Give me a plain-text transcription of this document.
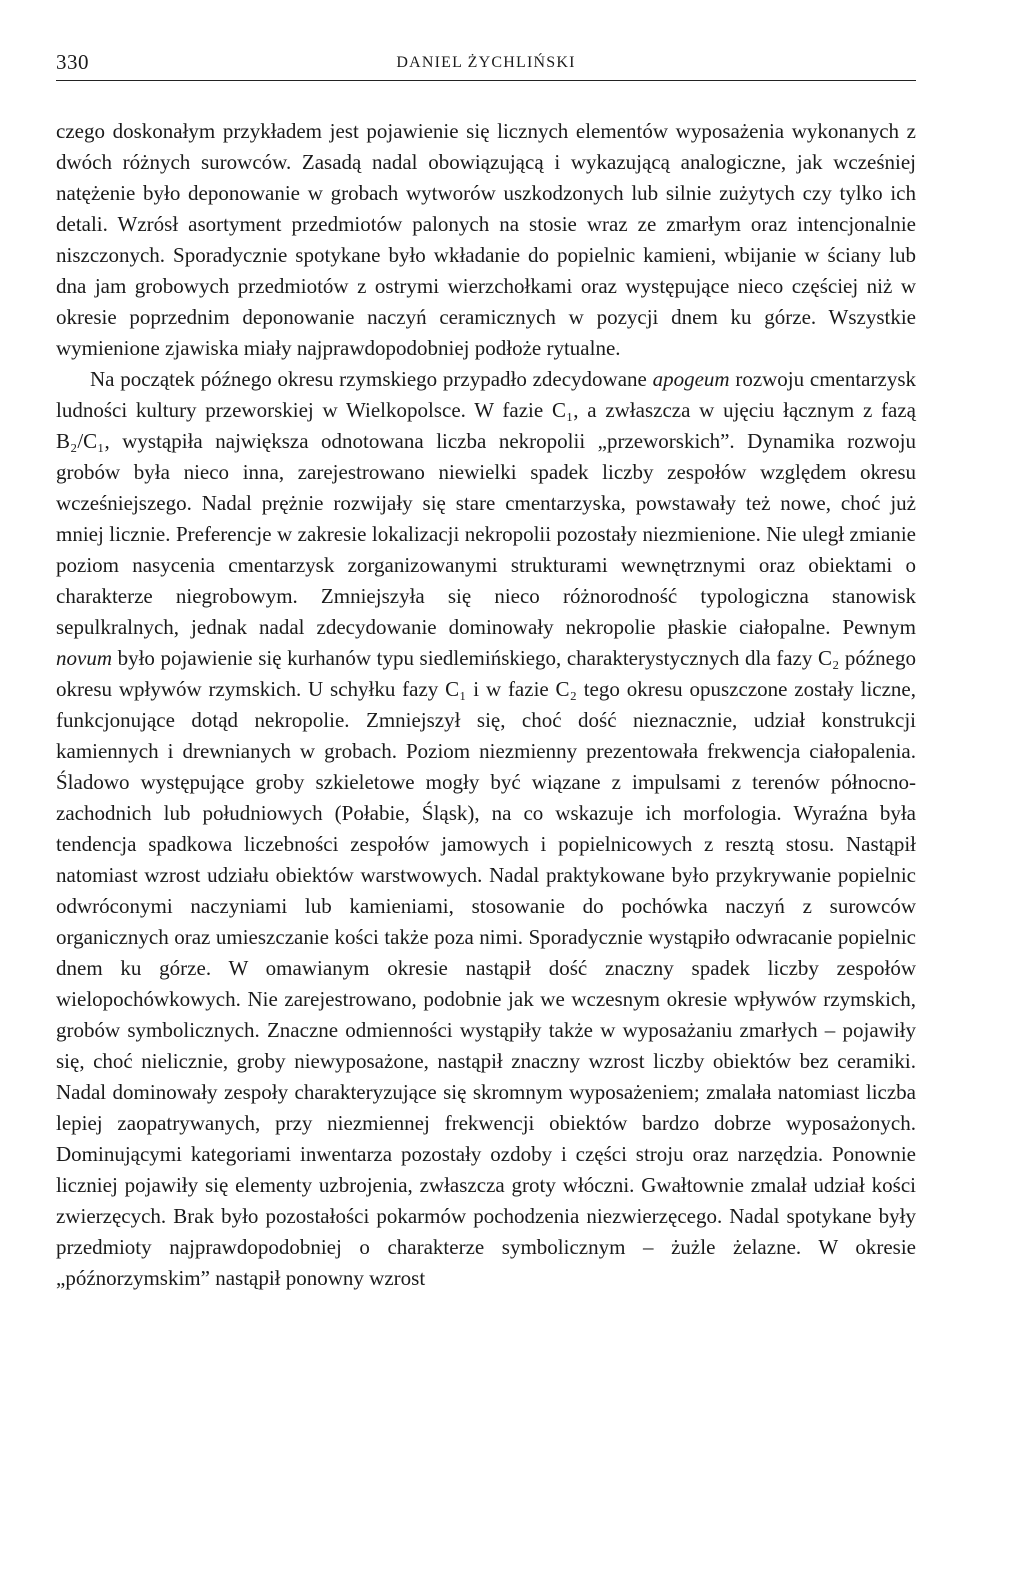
330	DANIEL ŻYCHLIŃSKI

czego doskonałym przykładem jest pojawienie się licznych elementów wyposażenia wykonanych z dwóch różnych surowców. Zasadą nadal obowiązującą i wykazującą analogiczne, jak wcześniej natężenie było deponowanie w grobach wytworów uszkodzonych lub silnie zużytych czy tylko ich detali. Wzrósł asortyment przedmiotów palonych na stosie wraz ze zmarłym oraz intencjonalnie niszczonych. Sporadycznie spotykane było wkładanie do popielnic kamieni, wbijanie w ściany lub dna jam grobowych przedmiotów z ostrymi wierzchołkami oraz występujące nieco częściej niż w okresie poprzednim deponowanie naczyń ceramicznych w pozycji dnem ku górze. Wszystkie wymienione zjawiska miały najprawdopodobniej podłoże rytualne.

Na początek późnego okresu rzymskiego przypadło zdecydowane apogeum rozwoju cmentarzysk ludności kultury przeworskiej w Wielkopolsce. W fazie C₁, a zwłaszcza w ujęciu łącznym z fazą B₂/C₁, wystąpiła największa odnotowana liczba nekropolii „przeworskich”. Dynamika rozwoju grobów była nieco inna, zarejestrowano niewielki spadek liczby zespołów względem okresu wcześniejszego. Nadal prężnie rozwijały się stare cmentarzyska, powstawały też nowe, choć już mniej licznie. Preferencje w zakresie lokalizacji nekropolii pozostały niezmienione. Nie uległ zmianie poziom nasycenia cmentarzysk zorganizowanymi strukturami wewnętrznymi oraz obiektami o charakterze niegrobowym. Zmniejszyła się nieco różnorodność typologiczna stanowisk sepulkralnych, jednak nadal zdecydowanie dominowały nekropolie płaskie ciałopalne. Pewnym novum było pojawienie się kurhanów typu siedlemińskiego, charakterystycznych dla fazy C₂ późnego okresu wpływów rzymskich. U schyłku fazy C₁ i w fazie C₂ tego okresu opuszczone zostały liczne, funkcjonujące dotąd nekropolie. Zmniejszył się, choć dość nieznacznie, udział konstrukcji kamiennych i drewnianych w grobach. Poziom niezmienny prezentowała frekwencja ciałopalenia. Śladowo występujące groby szkieletowe mogły być wiązane z impulsami z terenów północno-zachodnich lub południowych (Połabie, Śląsk), na co wskazuje ich morfologia. Wyraźna była tendencja spadkowa liczebności zespołów jamowych i popielnicowych z resztą stosu. Nastąpił natomiast wzrost udziału obiektów warstwowych. Nadal praktykowane było przykrywanie popielnic odwróconymi naczyniami lub kamieniami, stosowanie do pochówka naczyń z surowców organicznych oraz umieszczanie kości także poza nimi. Sporadycznie wystąpiło odwracanie popielnic dnem ku górze. W omawianym okresie nastąpił dość znaczny spadek liczby zespołów wielopochówkowych. Nie zarejestrowano, podobnie jak we wczesnym okresie wpływów rzymskich, grobów symbolicznych. Znaczne odmienności wystąpiły także w wyposażaniu zmarłych – pojawiły się, choć nielicznie, groby niewyposażone, nastąpił znaczny wzrost liczby obiektów bez ceramiki. Nadal dominowały zespoły charakteryzujące się skromnym wyposażeniem; zmalała natomiast liczba lepiej zaopatrywanych, przy niezmiennej frekwencji obiektów bardzo dobrze wyposażonych. Dominującymi kategoriami inwentarza pozostały ozdoby i części stroju oraz narzędzia. Ponownie liczniej pojawiły się elementy uzbrojenia, zwłaszcza groty włóczni. Gwałtownie zmalał udział kości zwierzęcych. Brak było pozostałości pokarmów pochodzenia niezwierzęcego. Nadal spotykane były przedmioty najprawdopodobniej o charakterze symbolicznym – żużle żelazne. W okresie „późnorzymskim” nastąpił ponowny wzrost
